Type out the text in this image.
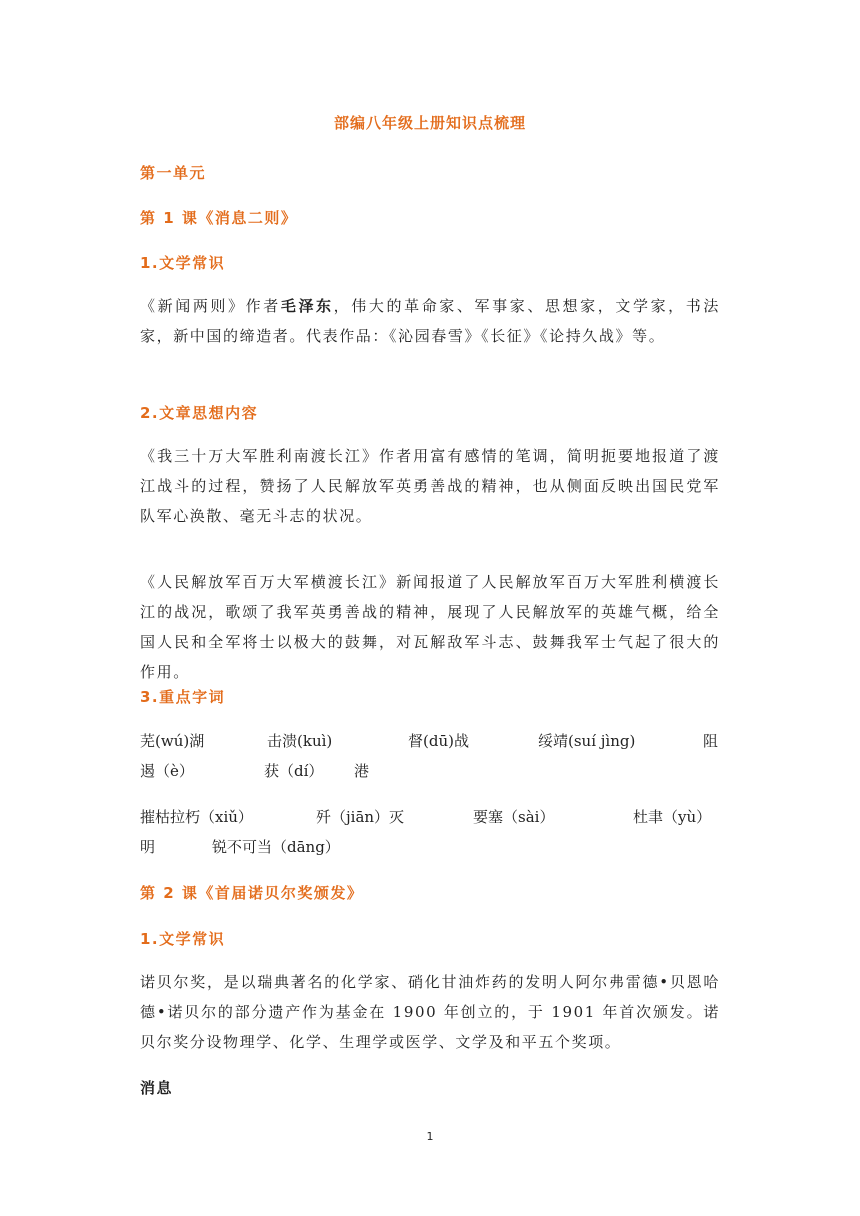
部编八年级上册知识点梳理
第一单元
第 1 课《消息二则》
1.文学常识
《新闻两则》作者毛泽东，伟大的革命家、军事家、思想家，文学家，书法家，新中国的缔造者。代表作品：《沁园春雪》《长征》《论持久战》等。
2.文章思想内容
《我三十万大军胜利南渡长江》作者用富有感情的笔调，简明扼要地报道了渡江战斗的过程，赞扬了人民解放军英勇善战的精神，也从侧面反映出国民党军队军心涣散、毫无斗志的状况。
《人民解放军百万大军横渡长江》新闻报道了人民解放军百万大军胜利横渡长江的战况，歌颂了我军英勇善战的精神，展现了人民解放军的英雄气概，给全国人民和全军将士以极大的鼓舞，对瓦解敌军斗志、鼓舞我军士气起了很大的作用。
3.重点字词
芜(wú)湖	击溃(kuì)	督(dū)战	绥靖(suí jìng)	阻
遏（è）	获（dí） 港
摧枯拉朽（xiǔ）	歼（jiān）灭	要塞（sài）	杜聿（yù）
明	锐不可当（dāng）
第 2 课《首届诺贝尔奖颁发》
1.文学常识
诺贝尔奖，是以瑞典著名的化学家、硝化甘油炸药的发明人阿尔弗雷德•贝恩哈德•诺贝尔的部分遗产作为基金在 1900 年创立的，于 1901 年首次颁发。诺贝尔奖分设物理学、化学、生理学或医学、文学及和平五个奖项。
消息
1
